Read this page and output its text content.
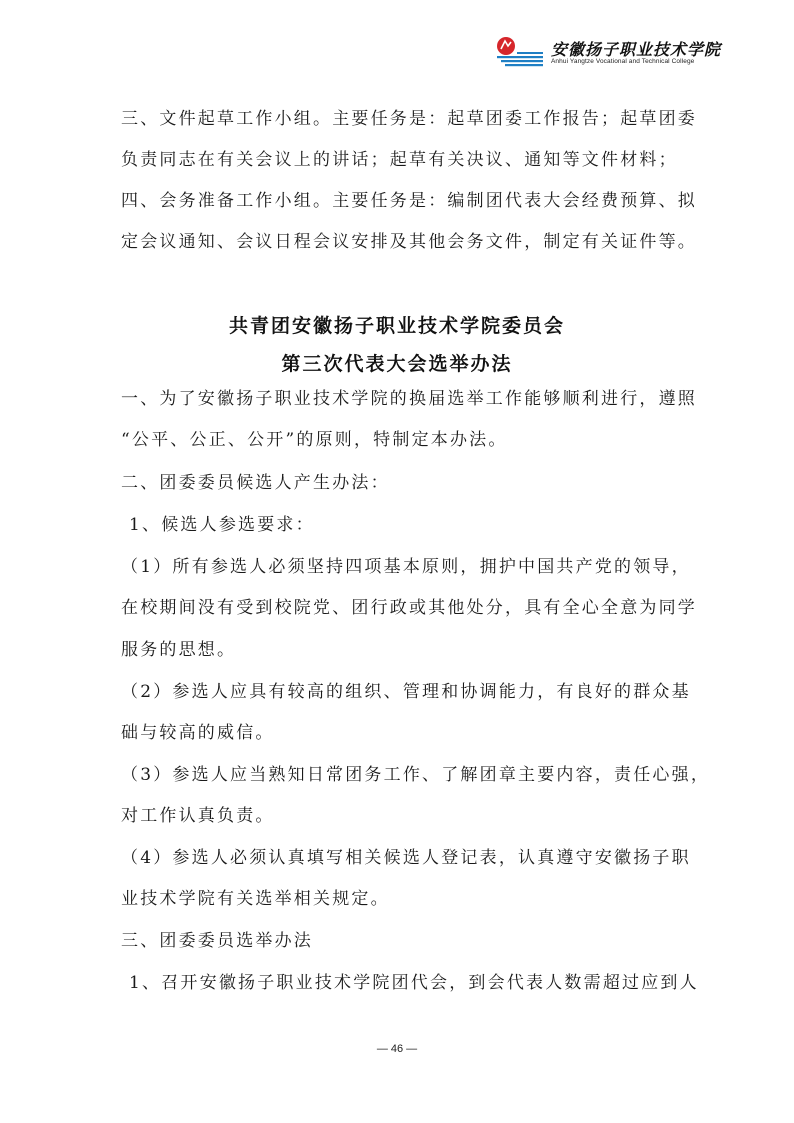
安徽扬子职业技术学院
Anhui Yangtze Vocational and Technical College
三、文件起草工作小组。主要任务是：起草团委工作报告；起草团委
负责同志在有关会议上的讲话；起草有关决议、通知等文件材料；
四、会务准备工作小组。主要任务是：编制团代表大会经费预算、拟
定会议通知、会议日程会议安排及其他会务文件，制定有关证件等。
共青团安徽扬子职业技术学院委员会
第三次代表大会选举办法
一、为了安徽扬子职业技术学院的换届选举工作能够顺利进行，遵照
“公平、公正、公开”的原则，特制定本办法。
二、团委委员候选人产生办法：
1、候选人参选要求：
（1）所有参选人必须坚持四项基本原则，拥护中国共产党的领导，
在校期间没有受到校院党、团行政或其他处分，具有全心全意为同学
服务的思想。
（2）参选人应具有较高的组织、管理和协调能力，有良好的群众基
础与较高的威信。
（3）参选人应当熟知日常团务工作、了解团章主要内容，责任心强，
对工作认真负责。
（4）参选人必须认真填写相关候选人登记表，认真遵守安徽扬子职
业技术学院有关选举相关规定。
三、团委委员选举办法
1、召开安徽扬子职业技术学院团代会，到会代表人数需超过应到人
— 46 —
